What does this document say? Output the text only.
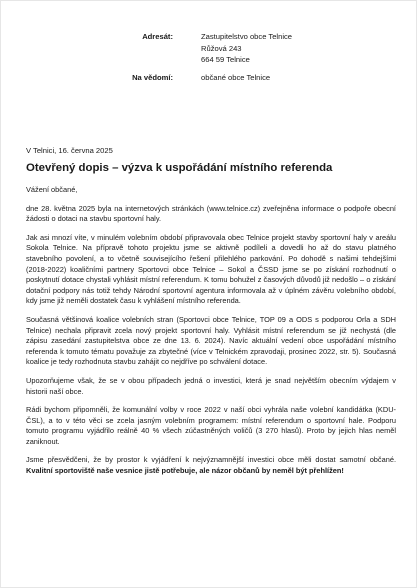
Adresát:	Zastupitelstvo obce Telnice
Růžová 243
664 59 Telnice
Na vědomí:	občané obce Telnice
V Telnici, 16. června 2025
Otevřený dopis – výzva k uspořádání místního referenda

Vážení občané,

dne 28. května 2025 byla na internetových stránkách (www.telnice.cz) zveřejněna informace o podpoře obecní žádosti o dotaci na stavbu sportovní haly.

Jak asi mnozí víte, v minulém volebním období připravovala obec Telnice projekt stavby sportovní haly v areálu Sokola Telnice. Na přípravě tohoto projektu jsme se aktivně podíleli a dovedli ho až do stavu platného stavebního povolení, a to včetně souvisejícího řešení přilehlého parkování. Po dohodě s našimi tehdejšími (2018-2022) koaličními partnery Sportovci obce Telnice – Sokol a ČSSD jsme se po získání rozhodnutí o poskytnutí dotace chystali vyhlásit místní referendum. K tomu bohužel z časových důvodů již nedošlo – o získání dotační podpory nás totiž tehdy Národní sportovní agentura informovala až v úplném závěru volebního období, kdy jsme již neměli dostatek času k vyhlášení místního referenda.

Současná většinová koalice volebních stran (Sportovci obce Telnice, TOP 09 a ODS s podporou Orla a SDH Telnice) nechala připravit zcela nový projekt sportovní haly. Vyhlásit místní referendum se již nechystá (dle zápisu zasedání zastupitelstva obce ze dne 13. 6. 2024). Navíc aktuální vedení obce uspořádání místního referenda k tomuto tématu považuje za zbytečné (více v Telnickém zpravodaji, prosinec 2022, str. 5). Současná koalice je tedy rozhodnuta stavbu zahájit co nejdříve po schválení dotace.

Upozorňujeme však, že se v obou případech jedná o investici, která je snad největším obecním výdajem v historii naší obce.

Rádi bychom připomněli, že komunální volby v roce 2022 v naší obci vyhrála naše volební kandidátka (KDU-ČSL), a to v této věci se zcela jasným volebním programem: místní referendum o sportovní hale. Podporu tomuto programu vyjádřilo reálně 40 % všech zúčastněných voličů (3 270 hlasů). Proto by jejich hlas neměl zaniknout.

Jsme přesvědčeni, že by prostor k vyjádření k nejvýznamnější investici obce měli dostat samotní občané. Kvalitní sportoviště naše vesnice jistě potřebuje, ale názor občanů by neměl být přehlížen!
